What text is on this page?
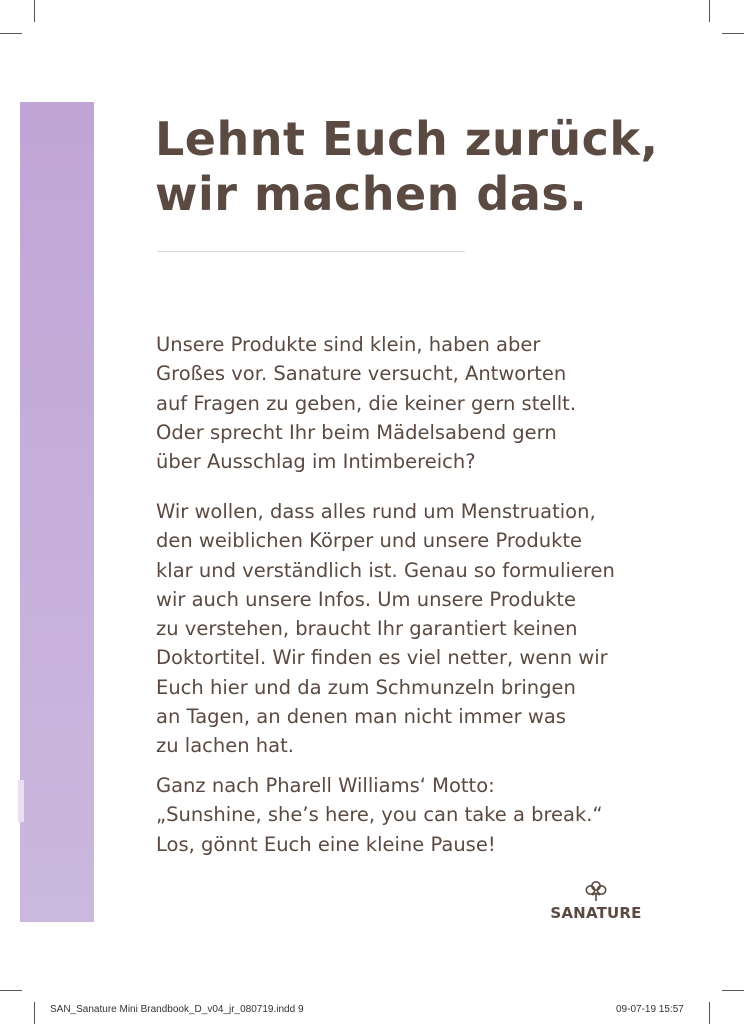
Lehnt Euch zurück,
wir machen das.
Unsere Produkte sind klein, haben aber
Großes vor. Sanature versucht, Antworten
auf Fragen zu geben, die keiner gern stellt.
Oder sprecht Ihr beim Mädelsabend gern
über Ausschlag im Intimbereich?
Wir wollen, dass alles rund um Menstruation,
den weiblichen Körper und unsere Produkte
klar und verständlich ist. Genau so formulieren
wir auch unsere Infos. Um unsere Produkte
zu verstehen, braucht Ihr garantiert keinen
Doktortitel. Wir finden es viel netter, wenn wir
Euch hier und da zum Schmunzeln bringen
an Tagen, an denen man nicht immer was
zu lachen hat.
Ganz nach Pharell Williams‘ Motto:
„Sunshine, she’s here, you can take a break.“
Los, gönnt Euch eine kleine Pause!
SANATURE
SAN_Sanature Mini Brandbook_D_v04_jr_080719.indd 9	09-07-19 15:57
